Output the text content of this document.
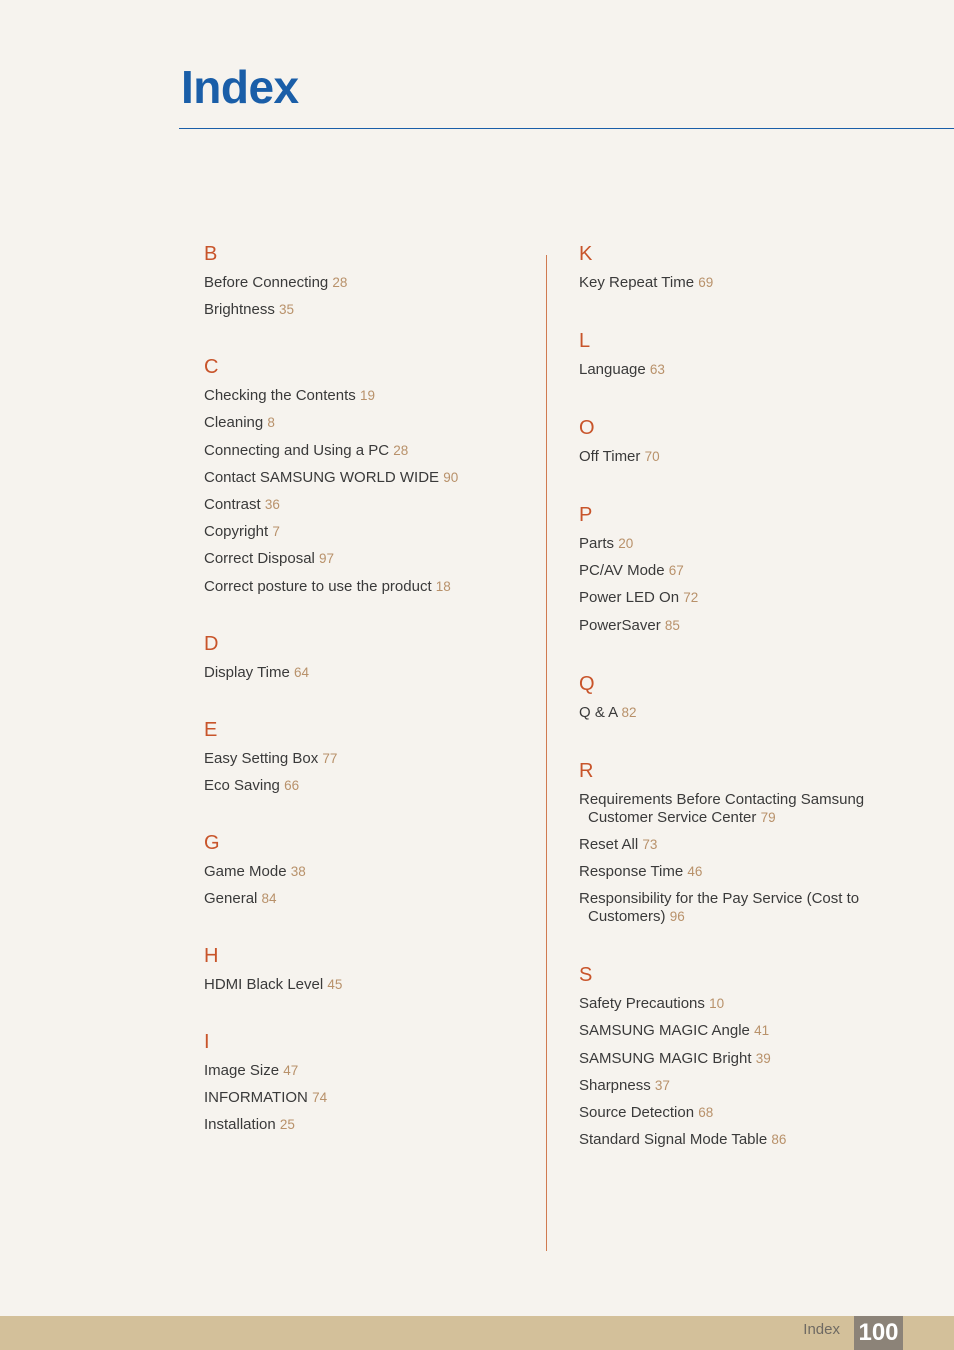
Index
B
Before Connecting 28
Brightness 35
C
Checking the Contents 19
Cleaning 8
Connecting and Using a PC 28
Contact SAMSUNG WORLD WIDE 90
Contrast 36
Copyright 7
Correct Disposal 97
Correct posture to use the product 18
D
Display Time 64
E
Easy Setting Box 77
Eco Saving 66
G
Game Mode 38
General 84
H
HDMI Black Level 45
I
Image Size 47
INFORMATION 74
Installation 25
K
Key Repeat Time 69
L
Language 63
O
Off Timer 70
P
Parts 20
PC/AV Mode 67
Power LED On 72
PowerSaver 85
Q
Q & A 82
R
Requirements Before Contacting Samsung
Customer Service Center 79
Reset All 73
Response Time 46
Responsibility for the Pay Service (Cost to
Customers) 96
S
Safety Precautions 10
SAMSUNG MAGIC Angle 41
SAMSUNG MAGIC Bright 39
Sharpness 37
Source Detection 68
Standard Signal Mode Table 86
Index 100
